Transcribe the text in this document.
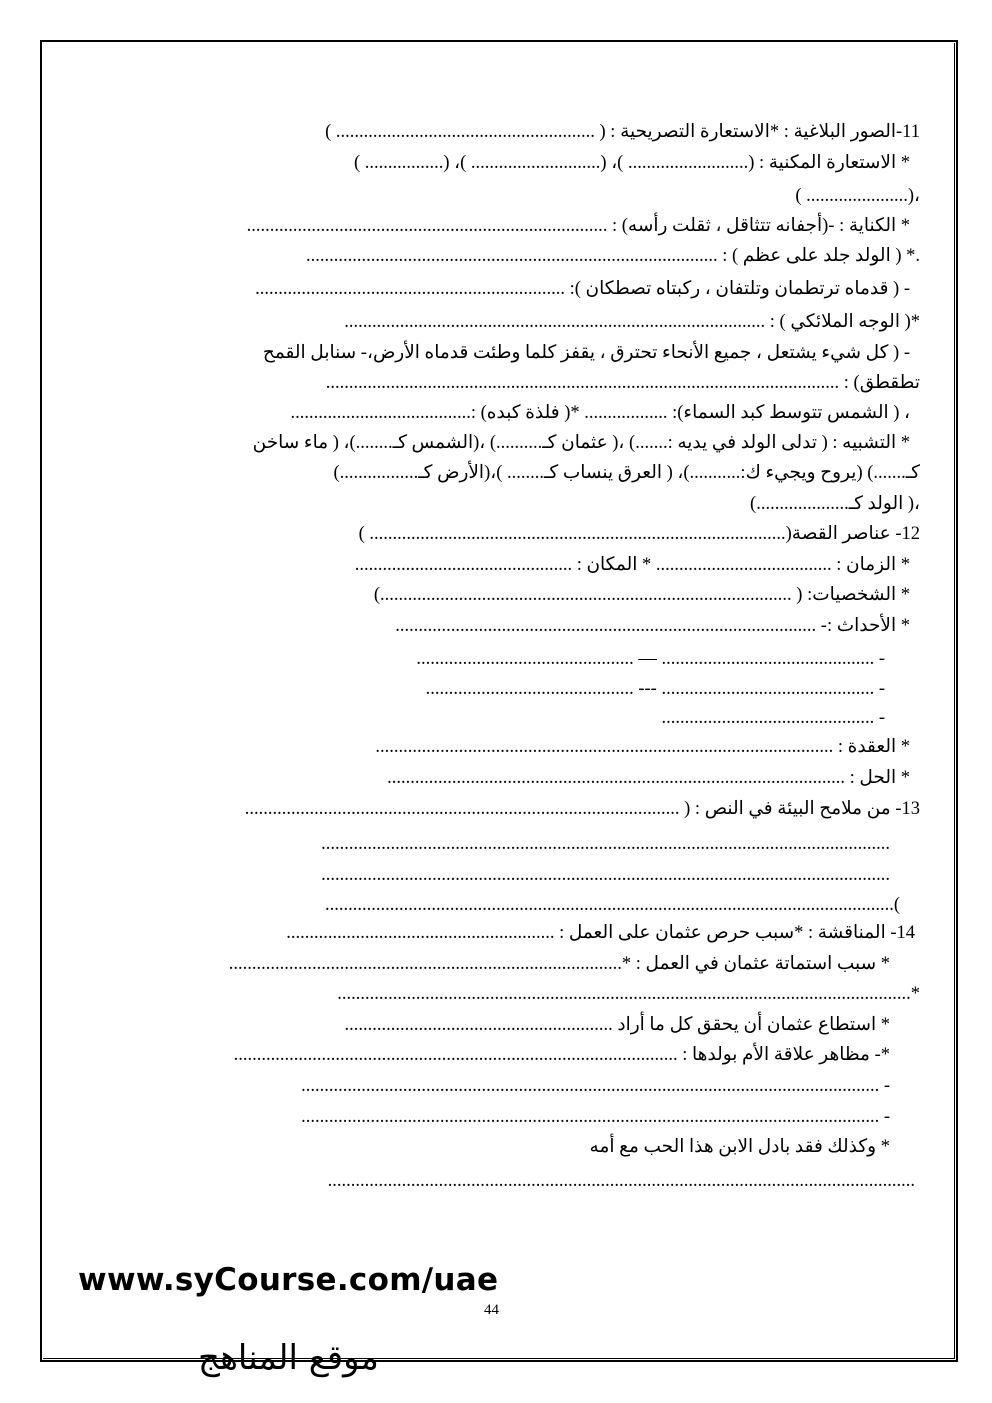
11-الصور البلاغية : *الاستعارة التصريحية : ( ........................................................ )
* الاستعارة المكنية : (.......................... )، (............................ )، (................. )
،(...................... )
* الكناية : -(أجفانه تتثاقل ، ثقلت رأسه) : ..............................................................................
.* ( الولد جلد على عظم ) : .........................................................................................
- ( قدماه ترتطمان وتلتفان ، ركبتاه تصطكان ): ...................................................................
*( الوجه الملائكي ) : ...........................................................................................
- ( كل شيء يشتعل ، جميع الأنحاء تحترق ، يقفز كلما وطئت قدماه الأرض،- سنابل القمح
تطقطق) : ...............................................................................................................
، ( الشمس تتوسط كبد السماء): .................. *( فلذة كبده) :.......................................
* التشبيه : ( تدلى الولد في يديه :.......) ،( عثمان كـ..........) ،(الشمس كـ........)، ( ماء ساخن
كـ.......) (يروح ويجيء ك:...........)، ( العرق ينساب كـ........ )،(الأرض كـ.................)
،( الولد كـ....................)
12- عناصر القصة(.......................................................................................... )
* الزمان : ...................................... * المكان : ...............................................
* الشخصيات: ( .........................................................................................)
* الأحداث :- ...........................................................................................
- .............................................. — ...............................................
- .............................................. --- .............................................
- ..............................................
* العقدة : ...................................................................................................
* الحل : ...................................................................................................
13- من ملامح البيئة في النص : ( ..............................................................................................
...........................................................................................................................
...........................................................................................................................
)...........................................................................................................................
14- المناقشة : *سبب حرص عثمان على العمل : ..........................................................
* سبب استماتة عثمان في العمل : *.....................................................................................
*............................................................................................................................
* استطاع عثمان أن يحقق كل ما أراد ..........................................................
*- مظاهر علاقة الأم بولدها : ................................................................................................
- .............................................................................................................................
- .............................................................................................................................
* وكذلك فقد بادل الابن هذا الحب مع أمه
...............................................................................................................................
www.syCourse.com/uae
44
موقع المناهج
